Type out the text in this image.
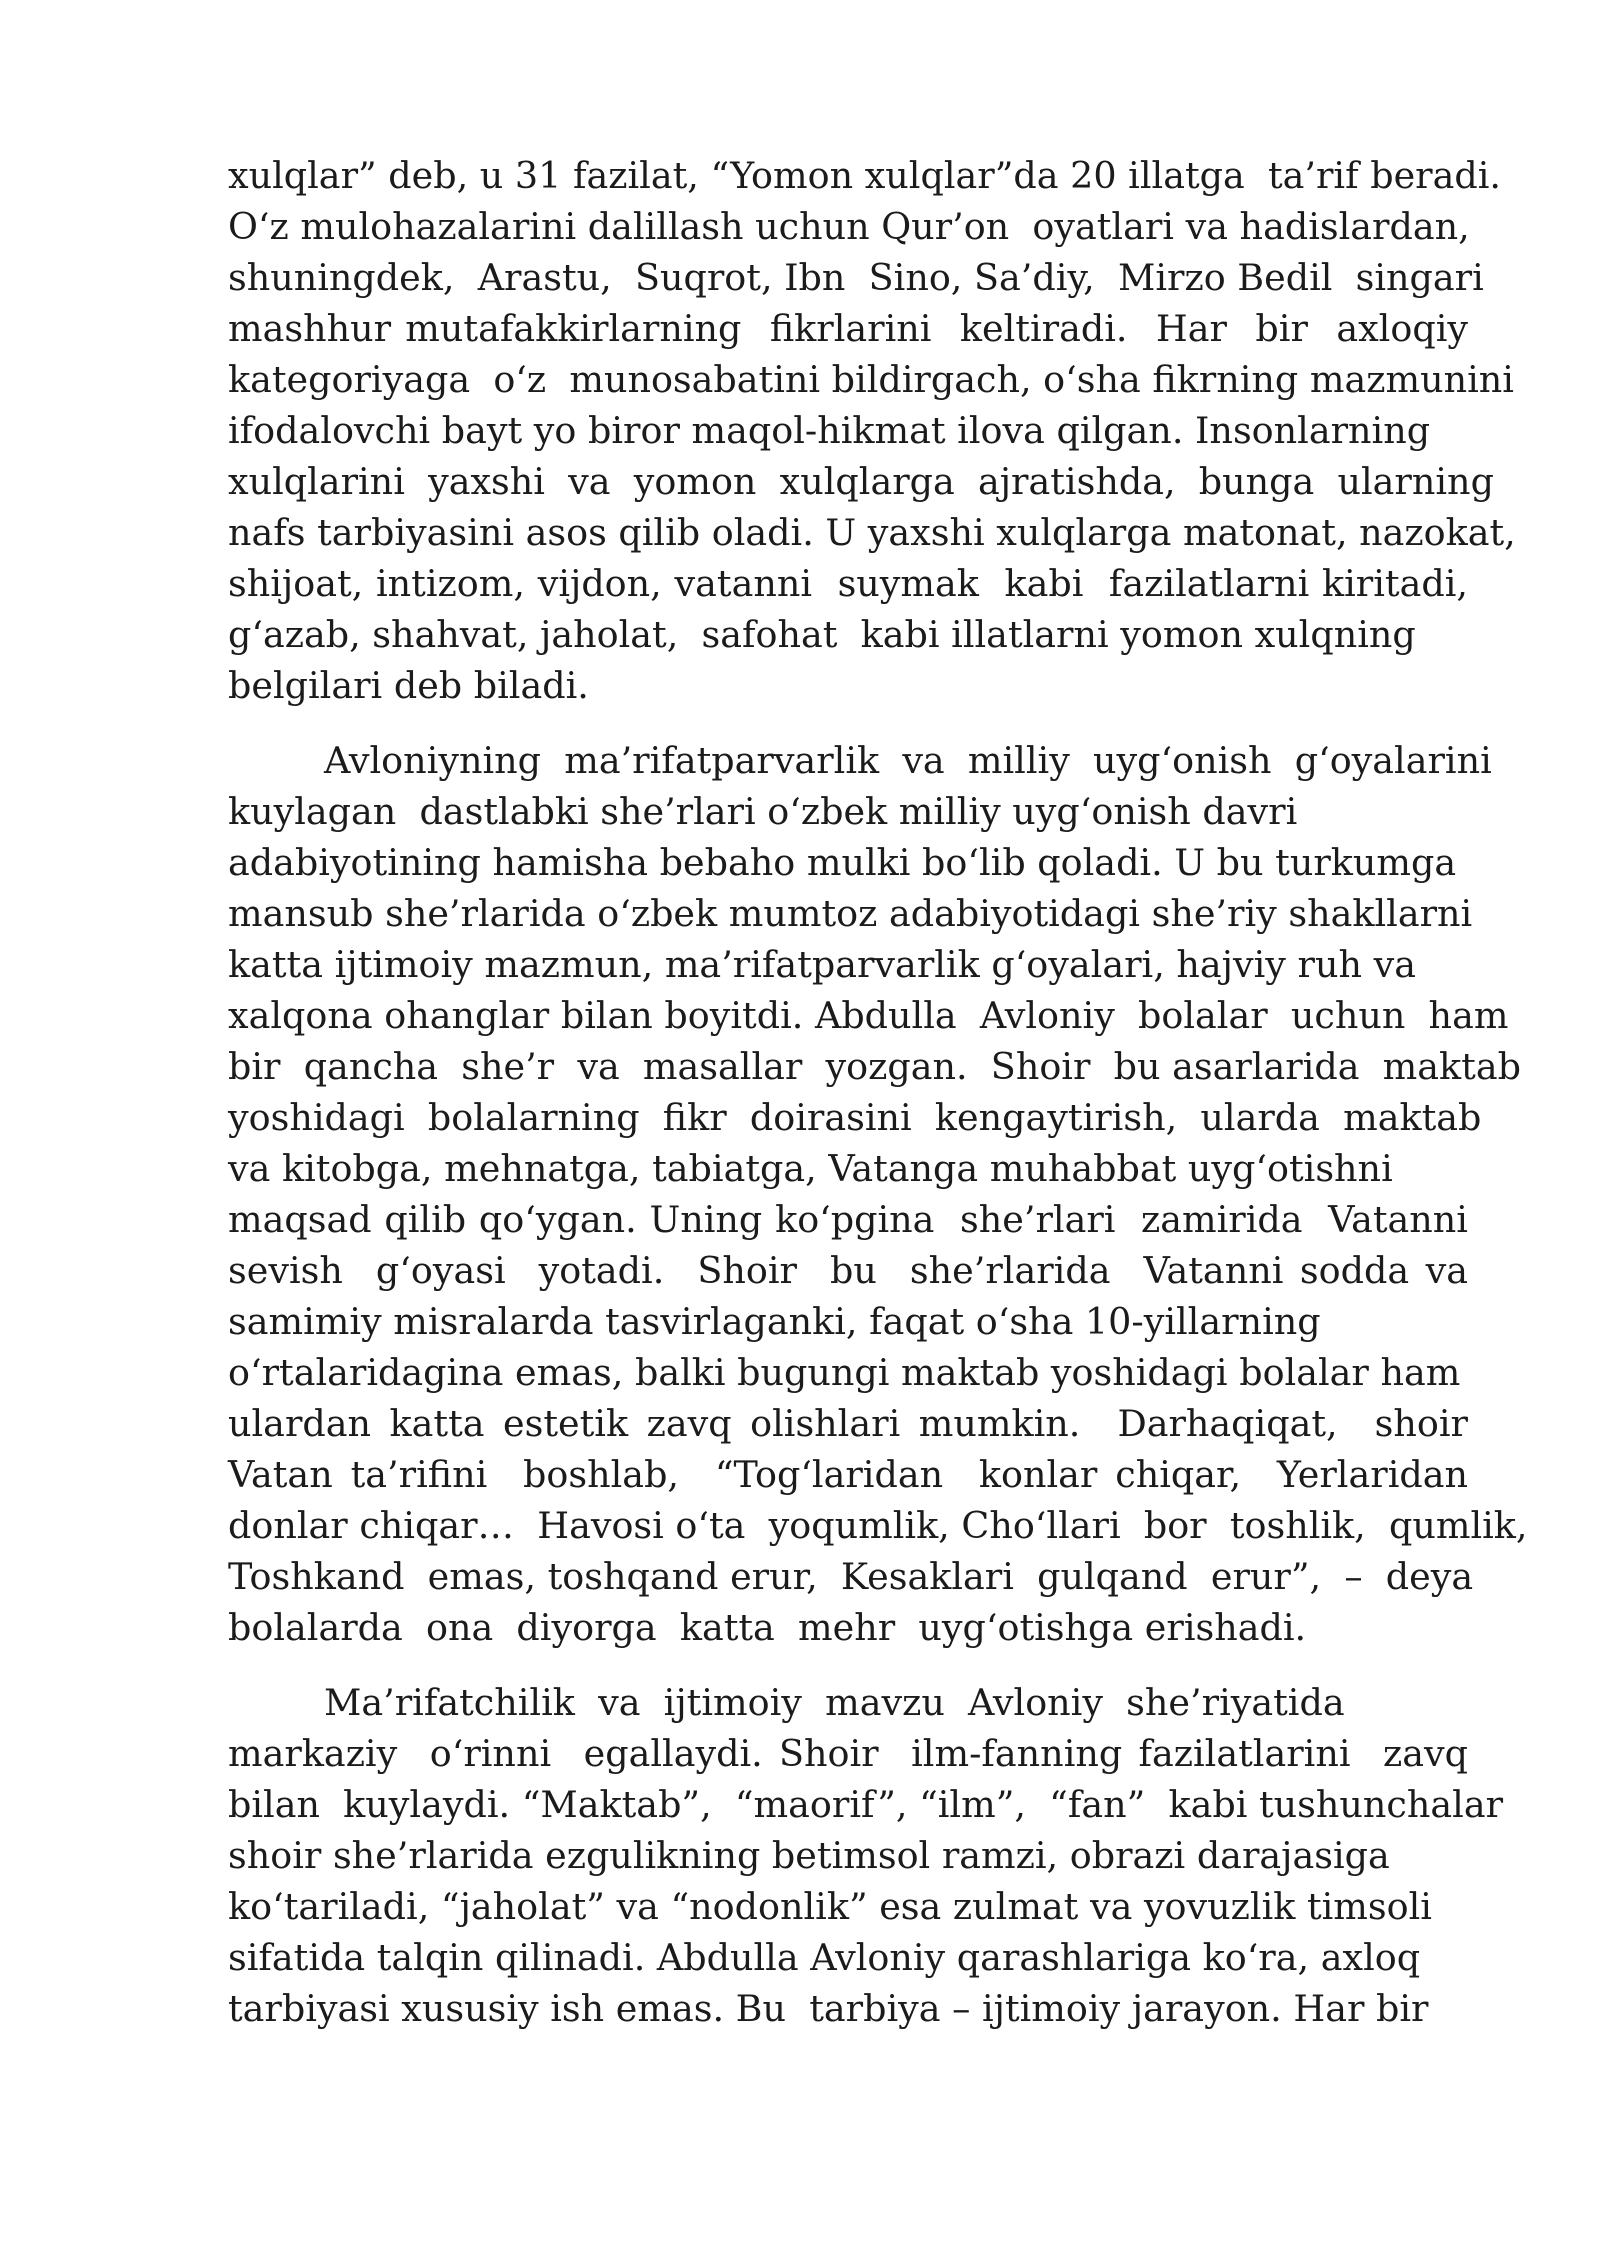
xulqlar” deb, u 31 fazilat, “Yomon xulqlar”da 20 illatga  ta’rif beradi.
O‘z mulohazalarini dalillash uchun Qur’on  oyatlari va hadislardan,
shuningdek,  Arastu,  Suqrot, Ibn  Sino, Sa’diy,  Mirzo Bedil  singari
mashhur mutafakkirlarning  fikrlarini  keltiradi.  Har  bir  axloqiy
kategoriyaga  o‘z  munosabatini bildirgach, o‘sha fikrning mazmunini
ifodalovchi bayt yo biror maqol-hikmat ilova qilgan. Insonlarning
xulqlarini  yaxshi  va  yomon  xulqlarga  ajratishda,  bunga  ularning
nafs tarbiyasini asos qilib oladi. U yaxshi xulqlarga matonat, nazokat,
shijoat, intizom, vijdon, vatanni  suymak  kabi  fazilatlarni kiritadi,
g‘azab, shahvat, jaholat,  safohat  kabi illatlarni yomon xulqning
belgilari deb biladi.
Avloniyning  ma’rifatparvarlik  va  milliy  uyg‘onish  g‘oyalarini
kuylagan  dastlabki she’rlari o‘zbek milliy uyg‘onish davri
adabiyotining hamisha bebaho mulki bo‘lib qoladi. U bu turkumga
mansub she’rlarida o‘zbek mumtoz adabiyotidagi she’riy shakllarni
katta ijtimoiy mazmun, ma’rifatparvarlik g‘oyalari, hajviy ruh va
xalqona ohanglar bilan boyitdi. Abdulla  Avloniy  bolalar  uchun  ham
bir  qancha  she’r  va  masallar  yozgan.  Shoir  bu asarlarida  maktab
yoshidagi  bolalarning  fikr  doirasini  kengaytirish,  ularda  maktab
va kitobga, mehnatga, tabiatga, Vatanga muhabbat uyg‘otishni
maqsad qilib qo‘ygan. Uning ko‘pgina  she’rlari  zamirida  Vatanni
sevish  g‘oyasi  yotadi.  Shoir  bu  she’rlarida  Vatanni sodda va
samimiy misralarda tasvirlaganki, faqat o‘sha 10-yillarning
o‘rtalaridagina emas, balki bugungi maktab yoshidagi bolalar ham
ulardan katta estetik zavq olishlari mumkin.  Darhaqiqat,  shoir
Vatan ta’rifini  boshlab,  “Tog‘laridan  konlar chiqar,  Yerlaridan
donlar chiqar…  Havosi o‘ta  yoqumlik, Cho‘llari  bor  toshlik,  qumlik,
Toshkand  emas, toshqand erur,  Kesaklari  gulqand  erur”,  –  deya
bolalarda  ona  diyorga  katta  mehr  uyg‘otishga erishadi.
Ma’rifatchilik  va  ijtimoiy  mavzu  Avloniy  she’riyatida
markaziy  o‘rinni  egallaydi. Shoir  ilm-fanning fazilatlarini  zavq
bilan  kuylaydi. “Maktab”,  “maorif”, “ilm”,  “fan”  kabi tushunchalar
shoir she’rlarida ezgulikning betimsol ramzi, obrazi darajasiga
ko‘tariladi, “jaholat” va “nodonlik” esa zulmat va yovuzlik timsoli
sifatida talqin qilinadi. Abdulla Avloniy qarashlariga ko‘ra, axloq
tarbiyasi xususiy ish emas. Bu  tarbiya – ijtimoiy jarayon. Har bir
